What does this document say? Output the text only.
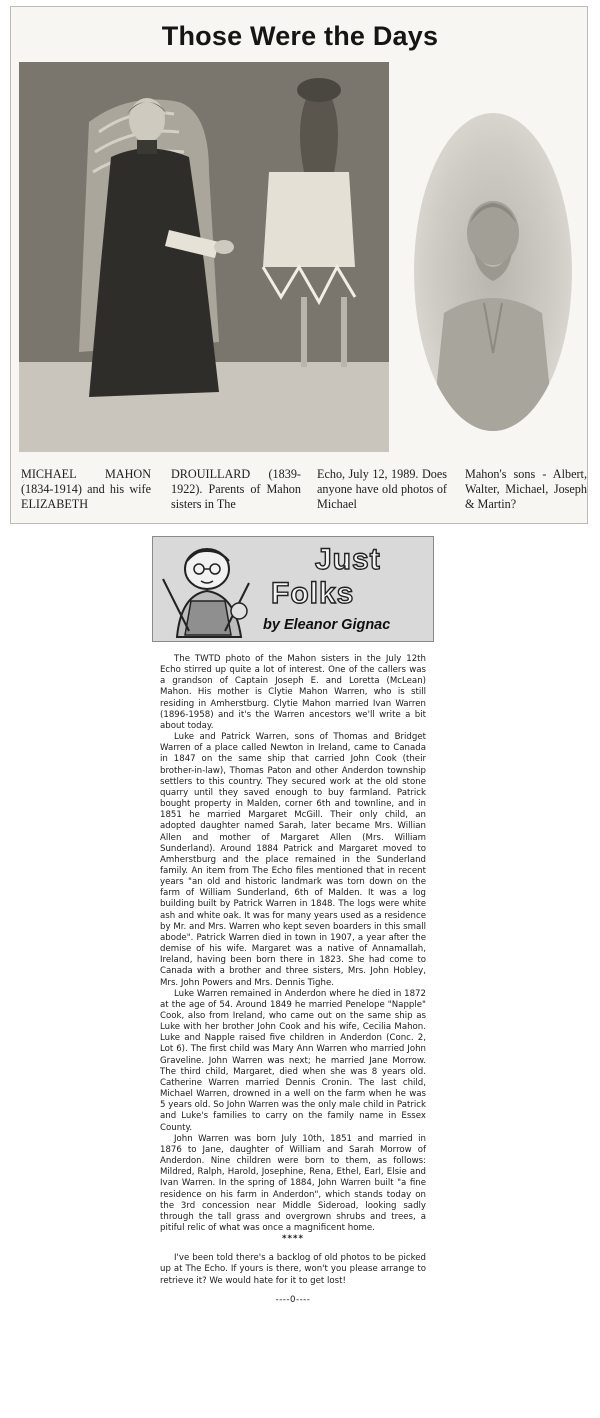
Those Were the Days
MICHAEL MAHON (1834-1914) and his wife ELIZABETH
DROUILLARD (1839-1922). Parents of Mahon sisters in The
Echo, July 12, 1989. Does anyone have old photos of Michael
Mahon's sons - Albert, Walter, Michael, Joseph & Martin?
Just
Folks
by Eleanor Gignac

The TWTD photo of the Mahon sisters in the July 12th Echo stirred up quite a lot of interest. One of the callers was a grandson of Captain Joseph E. and Loretta (McLean) Mahon. His mother is Clytie Mahon Warren, who is still residing in Amherstburg. Clytie Mahon married Ivan Warren (1896-1958) and it's the Warren ancestors we'll write a bit about today.

Luke and Patrick Warren, sons of Thomas and Bridget Warren of a place called Newton in Ireland, came to Canada in 1847 on the same ship that carried John Cook (their brother-in-law), Thomas Paton and other Anderdon township settlers to this country. They secured work at the old stone quarry until they saved enough to buy farmland. Patrick bought property in Malden, corner 6th and townline, and in 1851 he married Margaret McGill. Their only child, an adopted daughter named Sarah, later became Mrs. Willian Allen and mother of Margaret Allen (Mrs. William Sunderland). Around 1884 Patrick and Margaret moved to Amherstburg and the place remained in the Sunderland family. An item from The Echo files mentioned that in recent years "an old and historic landmark was torn down on the farm of William Sunderland, 6th of Malden. It was a log building built by Patrick Warren in 1848. The logs were white ash and white oak. It was for many years used as a residence by Mr. and Mrs. Warren who kept seven boarders in this small abode". Patrick Warren died in town in 1907, a year after the demise of his wife. Margaret was a native of Annamallah, Ireland, having been born there in 1823. She had come to Canada with a brother and three sisters, Mrs. John Hobley, Mrs. John Powers and Mrs. Dennis Tighe.

Luke Warren remained in Anderdon where he died in 1872 at the age of 54. Around 1849 he married Penelope "Napple" Cook, also from Ireland, who came out on the same ship as Luke with her brother John Cook and his wife, Cecilia Mahon. Luke and Napple raised five children in Anderdon (Conc. 2, Lot 6). The first child was Mary Ann Warren who married John Graveline. John Warren was next; he married Jane Morrow. The third child, Margaret, died when she was 8 years old. Catherine Warren married Dennis Cronin. The last child, Michael Warren, drowned in a well on the farm when he was 5 years old. So John Warren was the only male child in Patrick and Luke's families to carry on the family name in Essex County.

John Warren was born July 10th, 1851 and married in 1876 to Jane, daughter of William and Sarah Morrow of Anderdon. Nine children were born to them, as follows: Mildred, Ralph, Harold, Josephine, Rena, Ethel, Earl, Elsie and Ivan Warren. In the spring of 1884, John Warren built "a fine residence on his farm in Anderdon", which stands today on the 3rd concession near Middle Sideroad, looking sadly through the tall grass and overgrown shrubs and trees, a pitiful relic of what was once a magnificent home.

****

I've been told there's a backlog of old photos to be picked up at The Echo. If yours is there, won't you please arrange to retrieve it? We would hate for it to get lost!

----0----
